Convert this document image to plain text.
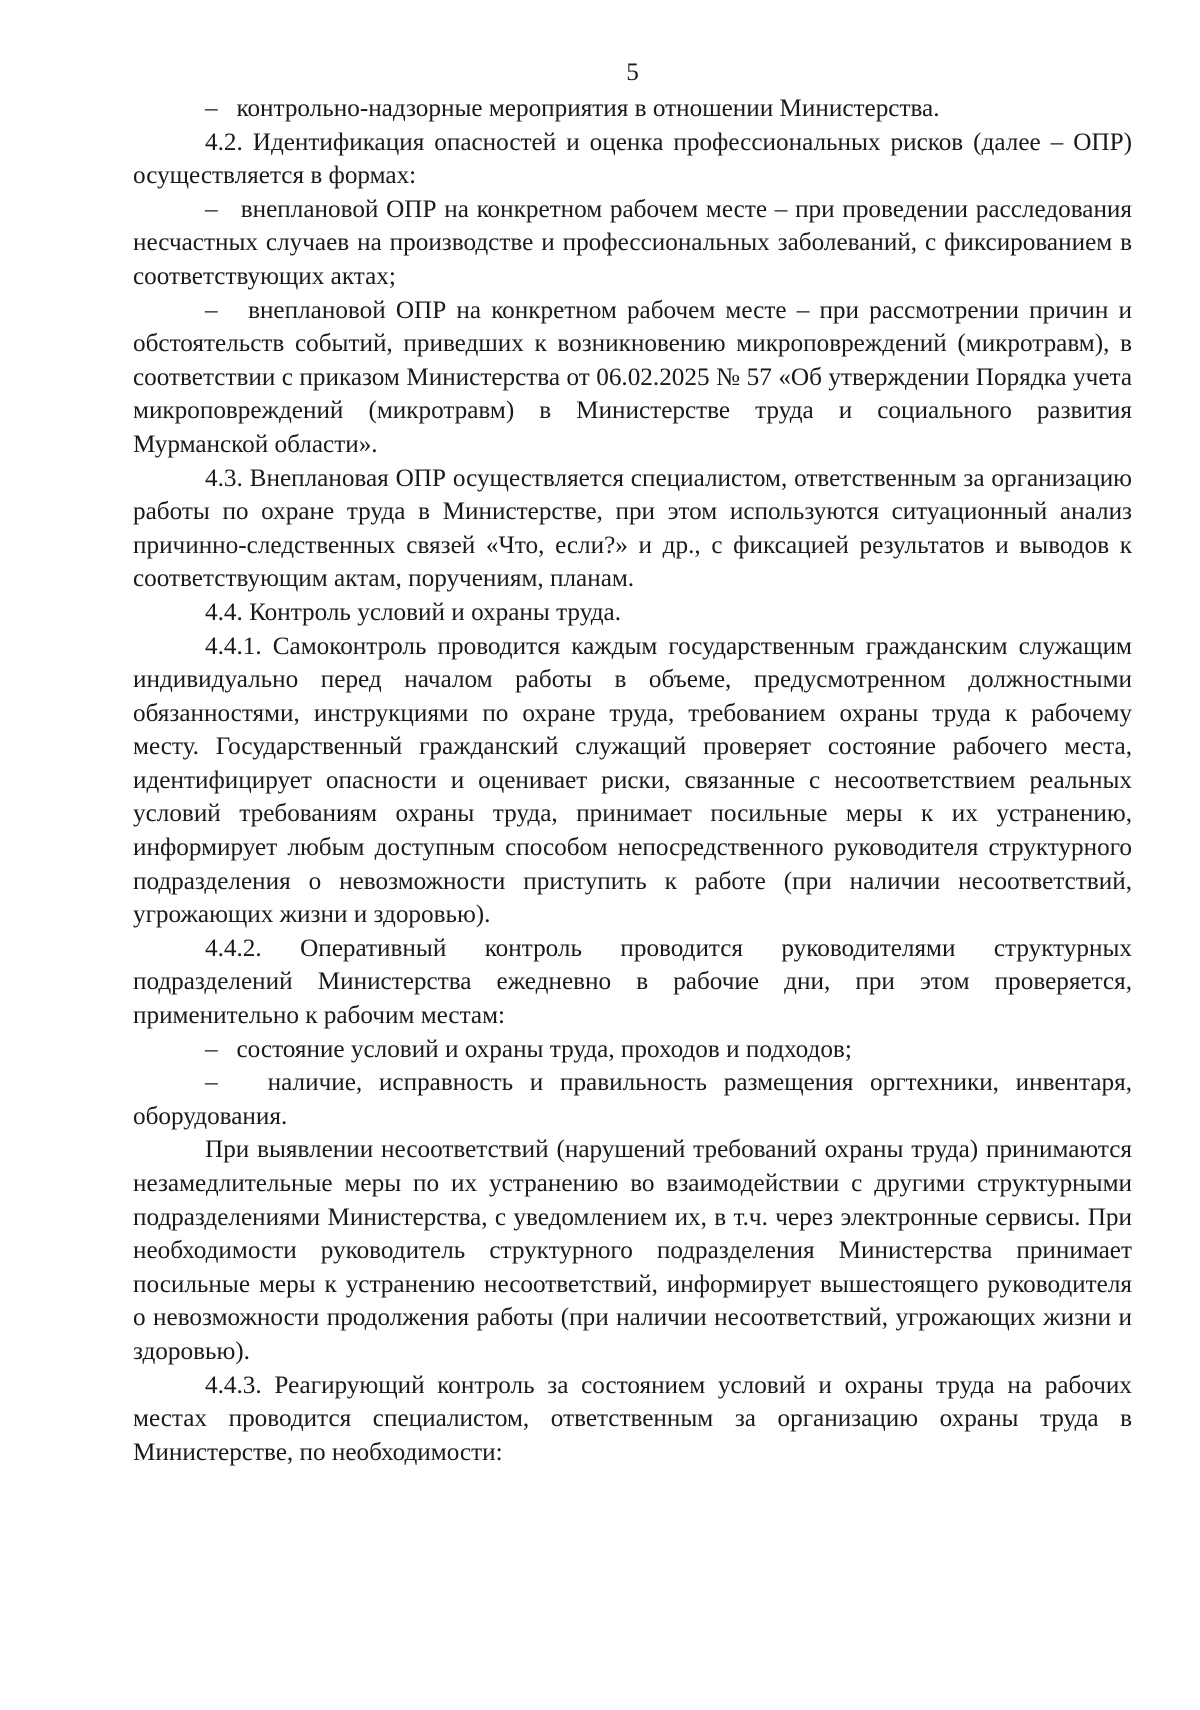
5

–   контрольно-надзорные мероприятия в отношении Министерства.

4.2. Идентификация опасностей и оценка профессиональных рисков (далее – ОПР) осуществляется в формах:

–   внеплановой ОПР на конкретном рабочем месте – при проведении расследования несчастных случаев на производстве и профессиональных заболеваний, с фиксированием в соответствующих актах;

–   внеплановой ОПР на конкретном рабочем месте – при рассмотрении причин и обстоятельств событий, приведших к возникновению микроповреждений (микротравм), в соответствии с приказом Министерства от 06.02.2025 № 57 «Об утверждении Порядка учета микроповреждений (микротравм) в Министерстве труда и социального развития Мурманской области».

4.3. Внеплановая ОПР осуществляется специалистом, ответственным за организацию работы по охране труда в Министерстве, при этом используются ситуационный анализ причинно-следственных связей «Что, если?» и др., с фиксацией результатов и выводов к соответствующим актам, поручениям, планам.

4.4. Контроль условий и охраны труда.

4.4.1. Самоконтроль проводится каждым государственным гражданским служащим индивидуально перед началом работы в объеме, предусмотренном должностными обязанностями, инструкциями по охране труда, требованием охраны труда к рабочему месту. Государственный гражданский служащий проверяет состояние рабочего места, идентифицирует опасности и оценивает риски, связанные с несоответствием реальных условий требованиям охраны труда, принимает посильные меры к их устранению, информирует любым доступным способом непосредственного руководителя структурного подразделения о невозможности приступить к работе (при наличии несоответствий, угрожающих жизни и здоровью).

4.4.2. Оперативный контроль проводится руководителями структурных подразделений Министерства ежедневно в рабочие дни, при этом проверяется, применительно к рабочим местам:

–   состояние условий и охраны труда, проходов и подходов;

–   наличие, исправность и правильность размещения оргтехники, инвентаря, оборудования.

При выявлении несоответствий (нарушений требований охраны труда) принимаются незамедлительные меры по их устранению во взаимодействии с другими структурными подразделениями Министерства, с уведомлением их, в т.ч. через электронные сервисы. При необходимости руководитель структурного подразделения Министерства принимает посильные меры к устранению несоответствий, информирует вышестоящего руководителя о невозможности продолжения работы (при наличии несоответствий, угрожающих жизни и здоровью).

4.4.3. Реагирующий контроль за состоянием условий и охраны труда на рабочих местах проводится специалистом, ответственным за организацию охраны труда в Министерстве, по необходимости:
